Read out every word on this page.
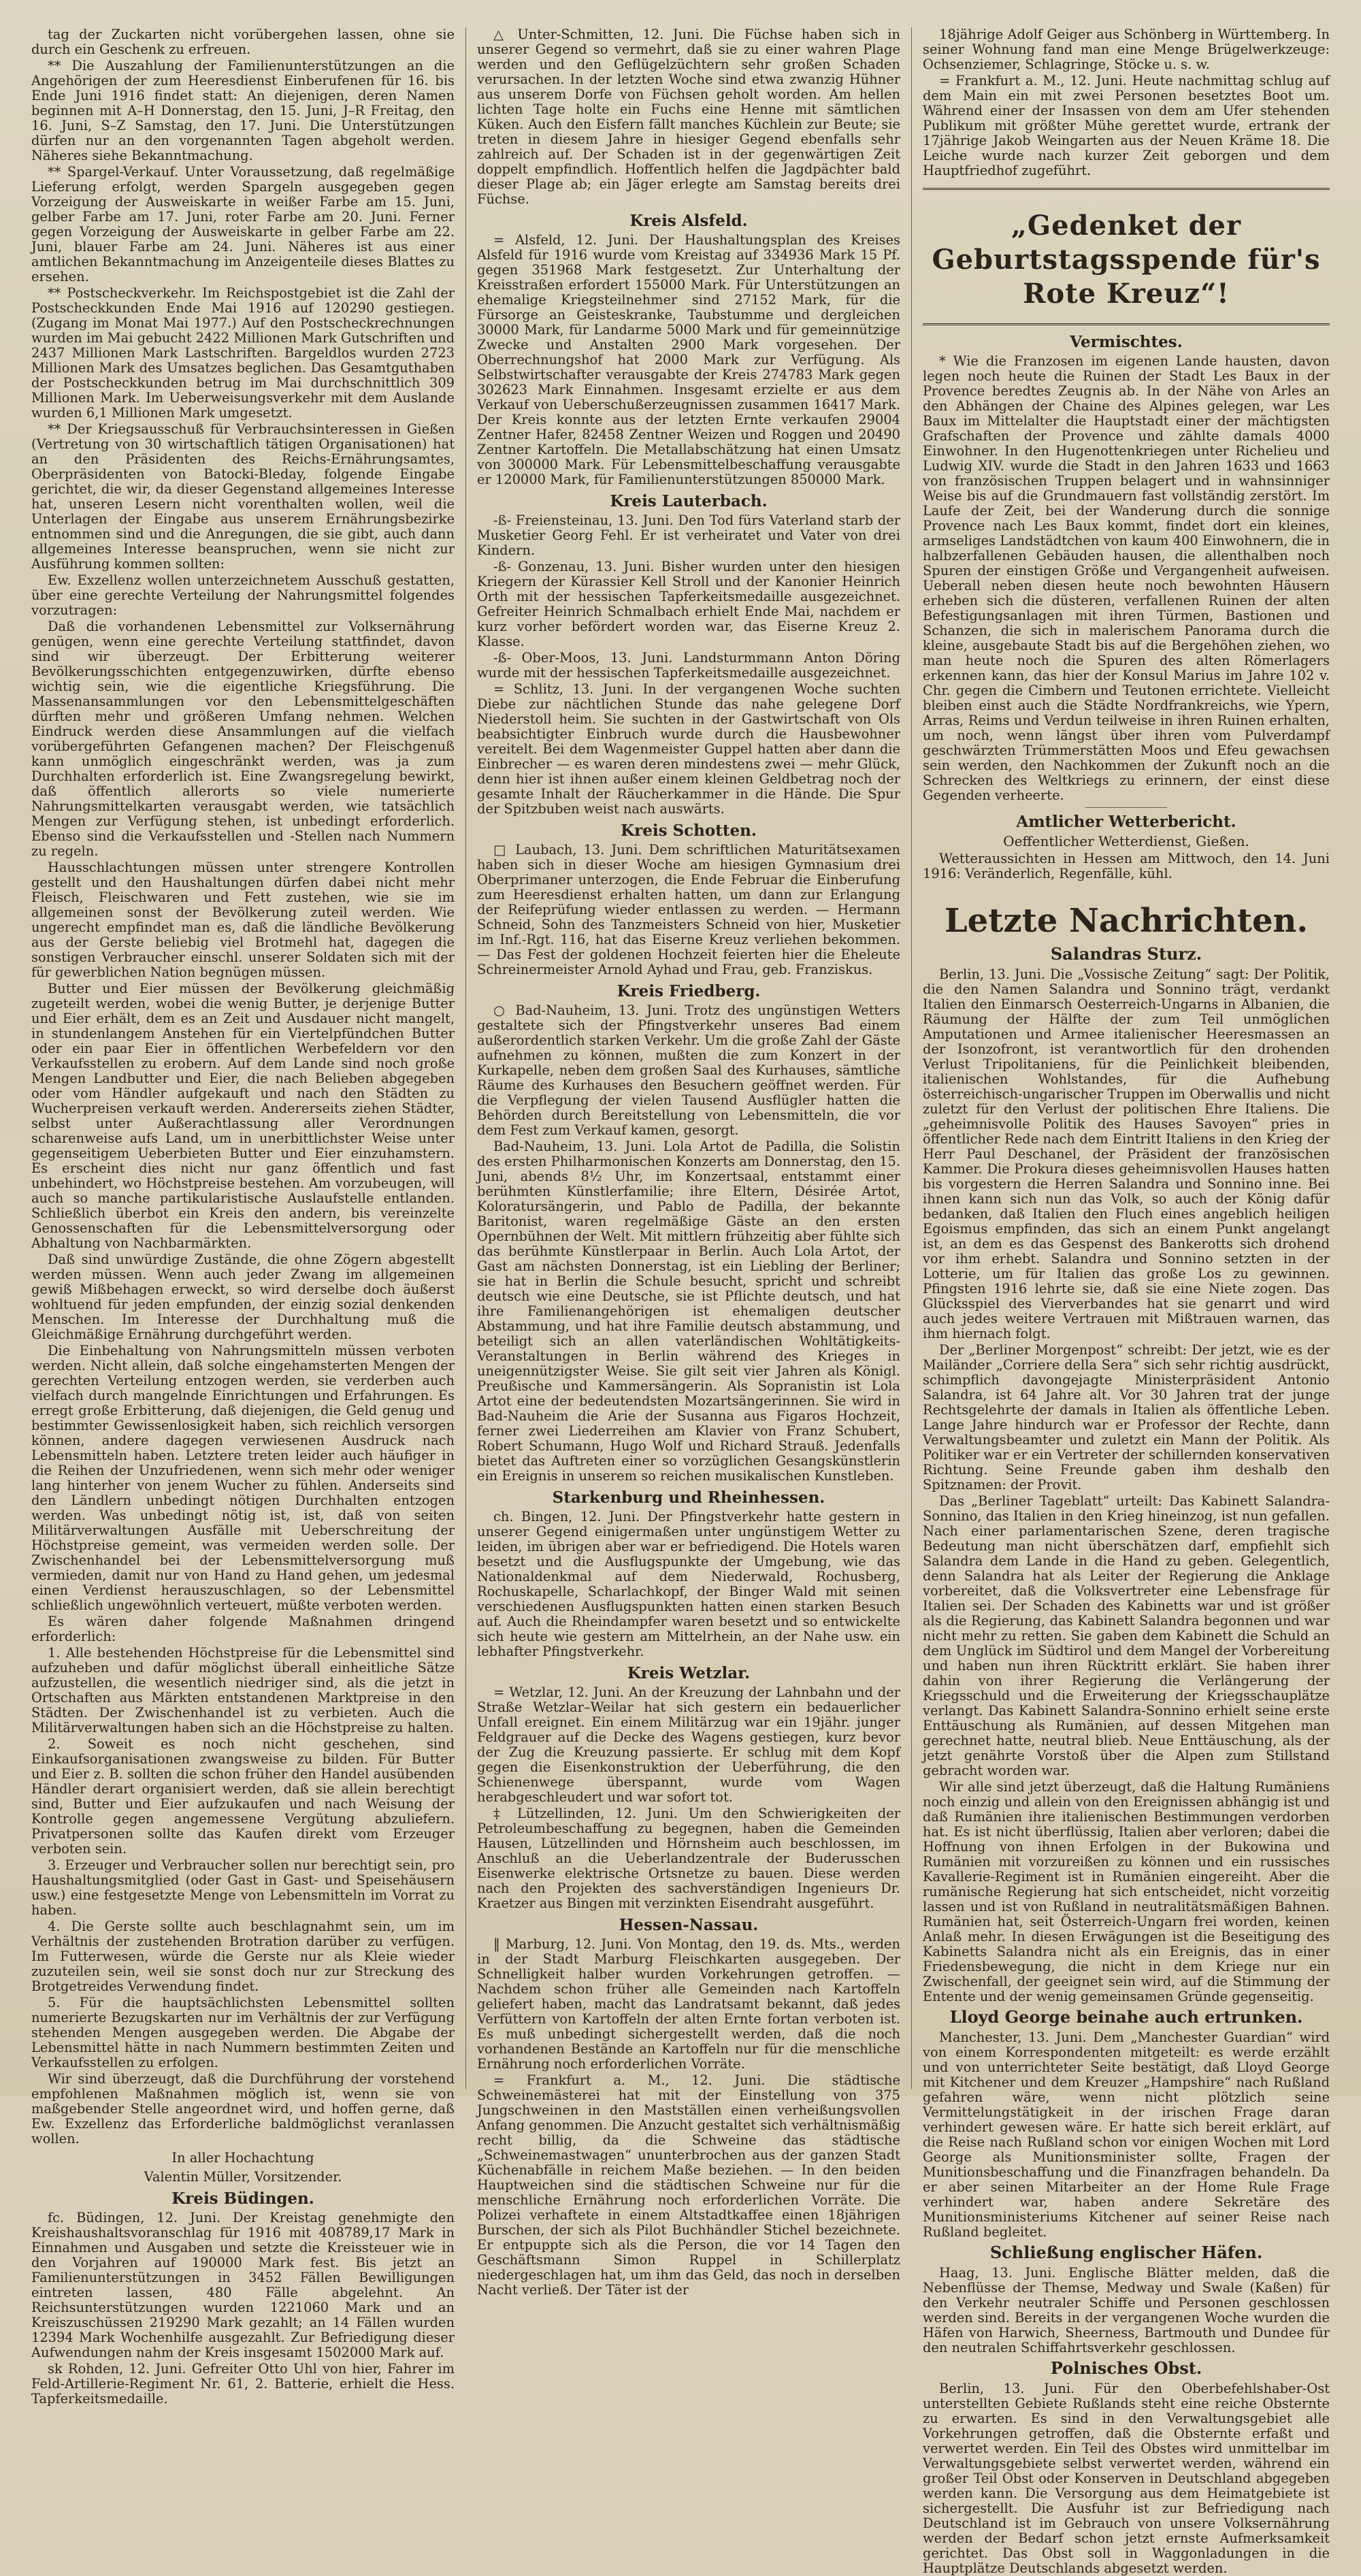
tag der Zuckarten nicht vorübergehen lassen, ohne sie durch ein Geschenk zu erfreuen.

** Die Auszahlung der Familienunterstützungen an die Angehörigen der zum Heeresdienst Einberufenen für 16. bis Ende Juni 1916 findet statt: An diejenigen, deren Namen beginnen mit A–H Donnerstag, den 15. Juni, J–R Freitag, den 16. Juni, S–Z Samstag, den 17. Juni. Die Unterstützungen dürfen nur an den vorgenannten Tagen abgeholt werden. Näheres siehe Bekanntmachung.

** Spargel-Verkauf. Unter Voraussetzung, daß regelmäßige Lieferung erfolgt, werden Spargeln ausgegeben gegen Vorzeigung der Ausweiskarte in weißer Farbe am 15. Juni, gelber Farbe am 17. Juni, roter Farbe am 20. Juni. Ferner gegen Vorzeigung der Ausweiskarte in gelber Farbe am 22. Juni, blauer Farbe am 24. Juni. Näheres ist aus einer amtlichen Bekanntmachung im Anzeigenteile dieses Blattes zu ersehen.

** Postscheckverkehr. Im Reichspostgebiet ist die Zahl der Postscheckkunden Ende Mai 1916 auf 120290 gestiegen. (Zugang im Monat Mai 1977.) Auf den Postscheckrechnungen wurden im Mai gebucht 2422 Millionen Mark Gutschriften und 2437 Millionen Mark Lastschriften. Bargeldlos wurden 2723 Millionen Mark des Umsatzes beglichen. Das Gesamtguthaben der Postscheckkunden betrug im Mai durchschnittlich 309 Millionen Mark. Im Ueberweisungsverkehr mit dem Auslande wurden 6,1 Millionen Mark umgesetzt.

** Der Kriegsausschuß für Verbrauchsinteressen in Gießen (Vertretung von 30 wirtschaftlich tätigen Organisationen) hat an den Präsidenten des Reichs-Ernährungsamtes, Oberpräsidenten von Batocki-Bleday, folgende Eingabe gerichtet, die wir, da dieser Gegenstand allgemeines Interesse hat, unseren Lesern nicht vorenthalten wollen, weil die Unterlagen der Eingabe aus unserem Ernährungsbezirke entnommen sind und die Anregungen, die sie gibt, auch dann allgemeines Interesse beanspruchen, wenn sie nicht zur Ausführung kommen sollten:

Ew. Exzellenz wollen unterzeichnetem Ausschuß gestatten, über eine gerechte Verteilung der Nahrungsmittel folgendes vorzutragen:

Daß die vorhandenen Lebensmittel zur Volksernährung genügen, wenn eine gerechte Verteilung stattfindet, davon sind wir überzeugt. Der Erbitterung weiterer Bevölkerungsschichten entgegenzuwirken, dürfte ebenso wichtig sein, wie die eigentliche Kriegsführung. Die Massenansammlungen vor den Lebensmittelgeschäften dürften mehr und größeren Umfang nehmen. Welchen Eindruck werden diese Ansammlungen auf die vielfach vorübergeführten Gefangenen machen? Der Fleischgenuß kann unmöglich eingeschränkt werden, was ja zum Durchhalten erforderlich ist. Eine Zwangsregelung bewirkt, daß öffentlich allerorts so viele numerierte Nahrungsmittelkarten verausgabt werden, wie tatsächlich Mengen zur Verfügung stehen, ist unbedingt erforderlich. Ebenso sind die Verkaufsstellen und -Stellen nach Nummern zu regeln.

Hausschlachtungen müssen unter strengere Kontrollen gestellt und den Haushaltungen dürfen dabei nicht mehr Fleisch, Fleischwaren und Fett zustehen, wie sie im allgemeinen sonst der Bevölkerung zuteil werden. Wie ungerecht empfindet man es, daß die ländliche Bevölkerung aus der Gerste beliebig viel Brotmehl hat, dagegen die sonstigen Verbraucher einschl. unserer Soldaten sich mit der für gewerblichen Nation begnügen müssen.

Butter und Eier müssen der Bevölkerung gleichmäßig zugeteilt werden, wobei die wenig Butter, je derjenige Butter und Eier erhält, dem es an Zeit und Ausdauer nicht mangelt, in stundenlangem Anstehen für ein Viertelpfündchen Butter oder ein paar Eier in öffentlichen Werbefeldern vor den Verkaufsstellen zu erobern. Auf dem Lande sind noch große Mengen Landbutter und Eier, die nach Belieben abgegeben oder vom Händler aufgekauft und nach den Städten zu Wucherpreisen verkauft werden. Andererseits ziehen Städter, selbst unter Außerachtlassung aller Verordnungen scharenweise aufs Land, um in unerbittlichster Weise unter gegenseitigem Ueberbieten Butter und Eier einzuhamstern. Es erscheint dies nicht nur ganz öffentlich und fast unbehindert, wo Höchstpreise bestehen. Am vorzubeugen, will auch so manche partikularistische Auslaufstelle entlanden. Schließlich überbot ein Kreis den andern, bis vereinzelte Genossenschaften für die Lebensmittelversorgung oder Abhaltung von Nachbarmärkten.

Daß sind unwürdige Zustände, die ohne Zögern abgestellt werden müssen. Wenn auch jeder Zwang im allgemeinen gewiß Mißbehagen erweckt, so wird derselbe doch äußerst wohltuend für jeden empfunden, der einzig sozial denkenden Menschen. Im Interesse der Durchhaltung muß die Gleichmäßige Ernährung durchgeführt werden.

Die Einbehaltung von Nahrungsmitteln müssen verboten werden. Nicht allein, daß solche eingehamsterten Mengen der gerechten Verteilung entzogen werden, sie verderben auch vielfach durch mangelnde Einrichtungen und Erfahrungen. Es erregt große Erbitterung, daß diejenigen, die Geld genug und bestimmter Gewissenlosigkeit haben, sich reichlich versorgen können, andere dagegen verwiesenen Ausdruck nach Lebensmitteln haben. Letztere treten leider auch häufiger in die Reihen der Unzufriedenen, wenn sich mehr oder weniger lang hinterher von jenem Wucher zu fühlen. Anderseits sind den Ländlern unbedingt nötigen Durchhalten entzogen werden. Was unbedingt nötig ist, ist, daß von seiten Militärverwaltungen Ausfälle mit Ueberschreitung der Höchstpreise gemeint, was vermeiden werden solle. Der Zwischenhandel bei der Lebensmittelversorgung muß vermieden, damit nur von Hand zu Hand gehen, um jedesmal einen Verdienst herauszuschlagen, so der Lebensmittel schließlich ungewöhnlich verteuert, müßte verboten werden.

Es wären daher folgende Maßnahmen dringend erforderlich:

1. Alle bestehenden Höchstpreise für die Lebensmittel sind aufzuheben und dafür möglichst überall einheitliche Sätze aufzustellen, die wesentlich niedriger sind, als die jetzt in Ortschaften aus Märkten entstandenen Marktpreise in den Städten. Der Zwischenhandel ist zu verbieten. Auch die Militärverwaltungen haben sich an die Höchstpreise zu halten.

2. Soweit es noch nicht geschehen, sind Einkaufsorganisationen zwangsweise zu bilden. Für Butter und Eier z. B. sollten die schon früher den Handel ausübenden Händler derart organisiert werden, daß sie allein berechtigt sind, Butter und Eier aufzukaufen und nach Weisung der Kontrolle gegen angemessene Vergütung abzuliefern. Privatpersonen sollte das Kaufen direkt vom Erzeuger verboten sein.

3. Erzeuger und Verbraucher sollen nur berechtigt sein, pro Haushaltungsmitglied (oder Gast in Gast- und Speisehäusern usw.) eine festgesetzte Menge von Lebensmitteln im Vorrat zu haben.

4. Die Gerste sollte auch beschlagnahmt sein, um im Verhältnis der zustehenden Brotration darüber zu verfügen. Im Futterwesen, würde die Gerste nur als Kleie wieder zuzuteilen sein, weil sie sonst doch nur zur Streckung des Brotgetreides Verwendung findet.

5. Für die hauptsächlichsten Lebensmittel sollten numerierte Bezugskarten nur im Verhältnis der zur Verfügung stehenden Mengen ausgegeben werden. Die Abgabe der Lebensmittel hätte in nach Nummern bestimmten Zeiten und Verkaufsstellen zu erfolgen.

Wir sind überzeugt, daß die Durchführung der vorstehend empfohlenen Maßnahmen möglich ist, wenn sie von maßgebender Stelle angeordnet wird, und hoffen gerne, daß Ew. Exzellenz das Erforderliche baldmöglichst veranlassen wollen.

In aller Hochachtung
Valentin Müller, Vorsitzender.
Kreis Büdingen.

fc. Büdingen, 12. Juni. Der Kreistag genehmigte den Kreishaushaltsvoranschlag für 1916 mit 408789,17 Mark in Einnahmen und Ausgaben und setzte die Kreissteuer wie in den Vorjahren auf 190000 Mark fest. Bis jetzt an Familienunterstützungen in 3452 Fällen Bewilligungen eintreten lassen, 480 Fälle abgelehnt. An Reichsunterstützungen wurden 1221060 Mark und an Kreiszuschüssen 219290 Mark gezahlt; an 14 Fällen wurden 12394 Mark Wochenhilfe ausgezahlt. Zur Befriedigung dieser Aufwendungen nahm der Kreis insgesamt 1502000 Mark auf.

sk Rohden, 12. Juni. Gefreiter Otto Uhl von hier, Fahrer im Feld-Artillerie-Regiment Nr. 61, 2. Batterie, erhielt die Hess. Tapferkeitsmedaille.

△ Unter-Schmitten, 12. Juni. Die Füchse haben sich in unserer Gegend so vermehrt, daß sie zu einer wahren Plage werden und den Geflügelzüchtern sehr großen Schaden verursachen. In der letzten Woche sind etwa zwanzig Hühner aus unserem Dorfe von Füchsen geholt worden. Am hellen lichten Tage holte ein Fuchs eine Henne mit sämtlichen Küken. Auch den Eisfern fällt manches Küchlein zur Beute; sie treten in diesem Jahre in hiesiger Gegend ebenfalls sehr zahlreich auf. Der Schaden ist in der gegenwärtigen Zeit doppelt empfindlich. Hoffentlich helfen die Jagdpächter bald dieser Plage ab; ein Jäger erlegte am Samstag bereits drei Füchse.

Kreis Alsfeld.

= Alsfeld, 12. Juni. Der Haushaltungsplan des Kreises Alsfeld für 1916 wurde vom Kreistag auf 334936 Mark 15 Pf. gegen 351968 Mark festgesetzt. Zur Unterhaltung der Kreisstraßen erfordert 155000 Mark. Für Unterstützungen an ehemalige Kriegsteilnehmer sind 27152 Mark, für die Fürsorge an Geisteskranke, Taubstumme und dergleichen 30000 Mark, für Landarme 5000 Mark und für gemeinnützige Zwecke und Anstalten 2900 Mark vorgesehen. Der Oberrechnungshof hat 2000 Mark zur Verfügung. Als Selbstwirtschafter verausgabte der Kreis 274783 Mark gegen 302623 Mark Einnahmen. Insgesamt erzielte er aus dem Verkauf von Ueberschußerzeugnissen zusammen 16417 Mark. Der Kreis konnte aus der letzten Ernte verkaufen 29004 Zentner Hafer, 82458 Zentner Weizen und Roggen und 20490 Zentner Kartoffeln. Die Metallabschätzung hat einen Umsatz von 300000 Mark. Für Lebensmittelbeschaffung verausgabte er 120000 Mark, für Familienunterstützungen 850000 Mark.

Kreis Lauterbach.

-ß- Freiensteinau, 13. Juni. Den Tod fürs Vaterland starb der Musketier Georg Fehl. Er ist verheiratet und Vater von drei Kindern.

-ß- Gonzenau, 13. Juni. Bisher wurden unter den hiesigen Kriegern der Kürassier Kell Stroll und der Kanonier Heinrich Orth mit der hessischen Tapferkeitsmedaille ausgezeichnet. Gefreiter Heinrich Schmalbach erhielt Ende Mai, nachdem er kurz vorher befördert worden war, das Eiserne Kreuz 2. Klasse.

-ß- Ober-Moos, 13. Juni. Landsturmmann Anton Döring wurde mit der hessischen Tapferkeitsmedaille ausgezeichnet.

= Schlitz, 13. Juni. In der vergangenen Woche suchten Diebe zur nächtlichen Stunde das nahe gelegene Dorf Niederstoll heim. Sie suchten in der Gastwirtschaft von Ols beabsichtigter Einbruch wurde durch die Hausbewohner vereitelt. Bei dem Wagenmeister Guppel hatten aber dann die Einbrecher — es waren deren mindestens zwei — mehr Glück, denn hier ist ihnen außer einem kleinen Geldbetrag noch der gesamte Inhalt der Räucherkammer in die Hände. Die Spur der Spitzbuben weist nach auswärts.

Kreis Schotten.

□ Laubach, 13. Juni. Dem schriftlichen Maturitätsexamen haben sich in dieser Woche am hiesigen Gymnasium drei Oberprimaner unterzogen, die Ende Februar die Einberufung zum Heeresdienst erhalten hatten, um dann zur Erlangung der Reifeprüfung wieder entlassen zu werden. — Hermann Schneid, Sohn des Tanzmeisters Schneid von hier, Musketier im Inf.-Rgt. 116, hat das Eiserne Kreuz verliehen bekommen. — Das Fest der goldenen Hochzeit feierten hier die Eheleute Schreinermeister Arnold Ayhad und Frau, geb. Franziskus.

Kreis Friedberg.

○ Bad-Nauheim, 13. Juni. Trotz des ungünstigen Wetters gestaltete sich der Pfingstverkehr unseres Bad einem außerordentlich starken Verkehr. Um die große Zahl der Gäste aufnehmen zu können, mußten die zum Konzert in der Kurkapelle, neben dem großen Saal des Kurhauses, sämtliche Räume des Kurhauses den Besuchern geöffnet werden. Für die Verpflegung der vielen Tausend Ausflügler hatten die Behörden durch Bereitstellung von Lebensmitteln, die vor dem Fest zum Verkauf kamen, gesorgt.

Bad-Nauheim, 13. Juni. Lola Artot de Padilla, die Solistin des ersten Philharmonischen Konzerts am Donnerstag, den 15. Juni, abends 8½ Uhr, im Konzertsaal, entstammt einer berühmten Künstlerfamilie; ihre Eltern, Désirée Artot, Koloratursängerin, und Pablo de Padilla, der bekannte Baritonist, waren regelmäßige Gäste an den ersten Opernbühnen der Welt. Mit mittlern frühzeitig aber fühlte sich das berühmte Künstlerpaar in Berlin. Auch Lola Artot, der Gast am nächsten Donnerstag, ist ein Liebling der Berliner; sie hat in Berlin die Schule besucht, spricht und schreibt deutsch wie eine Deutsche, sie ist Pflichte deutsch, und hat ihre Familienangehörigen ist ehemaligen deutscher Abstammung, und hat ihre Familie deutsch abstammung, und beteiligt sich an allen vaterländischen Wohltätigkeits-Veranstaltungen in Berlin während des Krieges in uneigennützigster Weise. Sie gilt seit vier Jahren als Königl. Preußische und Kammersängerin. Als Sopranistin ist Lola Artot eine der bedeutendsten Mozartsängerinnen. Sie wird in Bad-Nauheim die Arie der Susanna aus Figaros Hochzeit, ferner zwei Liederreihen am Klavier von Franz Schubert, Robert Schumann, Hugo Wolf und Richard Strauß. Jedenfalls bietet das Auftreten einer so vorzüglichen Gesangskünstlerin ein Ereignis in unserem so reichen musikalischen Kunstleben.

Starkenburg und Rheinhessen.

ch. Bingen, 12. Juni. Der Pfingstverkehr hatte gestern in unserer Gegend einigermaßen unter ungünstigem Wetter zu leiden, im übrigen aber war er befriedigend. Die Hotels waren besetzt und die Ausflugspunkte der Umgebung, wie das Nationaldenkmal auf dem Niederwald, Rochusberg, Rochuskapelle, Scharlachkopf, der Binger Wald mit seinen verschiedenen Ausflugspunkten hatten einen starken Besuch auf. Auch die Rheindampfer waren besetzt und so entwickelte sich heute wie gestern am Mittelrhein, an der Nahe usw. ein lebhafter Pfingstverkehr.

Kreis Wetzlar.

= Wetzlar, 12. Juni. An der Kreuzung der Lahnbahn und der Straße Wetzlar–Weilar hat sich gestern ein bedauerlicher Unfall ereignet. Ein einem Militärzug war ein 19jähr. junger Feldgrauer auf die Decke des Wagens gestiegen, kurz bevor der Zug die Kreuzung passierte. Er schlug mit dem Kopf gegen die Eisenkonstruktion der Ueberführung, die den Schienenwege überspannt, wurde vom Wagen herabgeschleudert und war sofort tot.

‡ Lützellinden, 12. Juni. Um den Schwierigkeiten der Petroleumbeschaffung zu begegnen, haben die Gemeinden Hausen, Lützellinden und Hörnsheim auch beschlossen, im Anschluß an die Ueberlandzentrale der Buderusschen Eisenwerke elektrische Ortsnetze zu bauen. Diese werden nach den Projekten des sachverständigen Ingenieurs Dr. Kraetzer aus Bingen mit verzinkten Eisendraht ausgeführt.

Hessen-Nassau.

‖ Marburg, 12. Juni. Von Montag, den 19. ds. Mts., werden in der Stadt Marburg Fleischkarten ausgegeben. Der Schnelligkeit halber wurden Vorkehrungen getroffen. — Nachdem schon früher alle Gemeinden nach Kartoffeln geliefert haben, macht das Landratsamt bekannt, daß jedes Verfüttern von Kartoffeln der alten Ernte fortan verboten ist. Es muß unbedingt sichergestellt werden, daß die noch vorhandenen Bestände an Kartoffeln nur für die menschliche Ernährung noch erforderlichen Vorräte.

= Frankfurt a. M., 12. Juni. Die städtische Schweinemästerei hat mit der Einstellung von 375 Jungschweinen in den Mastställen einen verheißungsvollen Anfang genommen. Die Anzucht gestaltet sich verhältnismäßig recht billig, da die Schweine das städtische „Schweinemastwagen“ ununterbrochen aus der ganzen Stadt Küchenabfälle in reichem Maße beziehen. — In den beiden Hauptweichen sind die städtischen Schweine nur für die menschliche Ernährung noch erforderlichen Vorräte. Die Polizei verhaftete in einem Altstadtkaffee einen 18jährigen Burschen, der sich als Pilot Buchhändler Stichel bezeichnete. Er entpuppte sich als die Person, die vor 14 Tagen den Geschäftsmann Simon Ruppel in Schillerplatz niedergeschlagen hat, um ihm das Geld, das noch in derselben Nacht verließ. Der Täter ist der

18jährige Adolf Geiger aus Schönberg in Württemberg. In seiner Wohnung fand man eine Menge Brügelwerkzeuge: Ochsenziemer, Schlagringe, Stöcke u. s. w.

= Frankfurt a. M., 12. Juni. Heute nachmittag schlug auf dem Main ein mit zwei Personen besetztes Boot um. Während einer der Insassen von dem am Ufer stehenden Publikum mit größter Mühe gerettet wurde, ertrank der 17jährige Jakob Weingarten aus der Neuen Kräme 18. Die Leiche wurde nach kurzer Zeit geborgen und dem Hauptfriedhof zugeführt.

„Gedenket der Geburtstagsspende für's Rote Kreuz“!
Vermischtes.

* Wie die Franzosen im eigenen Lande hausten, davon legen noch heute die Ruinen der Stadt Les Baux in der Provence beredtes Zeugnis ab. In der Nähe von Arles an den Abhängen der Chaine des Alpines gelegen, war Les Baux im Mittelalter die Hauptstadt einer der mächtigsten Grafschaften der Provence und zählte damals 4000 Einwohner. In den Hugenottenkriegen unter Richelieu und Ludwig XIV. wurde die Stadt in den Jahren 1633 und 1663 von französischen Truppen belagert und in wahnsinniger Weise bis auf die Grundmauern fast vollständig zerstört. Im Laufe der Zeit, bei der Wanderung durch die sonnige Provence nach Les Baux kommt, findet dort ein kleines, armseliges Landstädtchen von kaum 400 Einwohnern, die in halbzerfallenen Gebäuden hausen, die allenthalben noch Spuren der einstigen Größe und Vergangenheit aufweisen. Ueberall neben diesen heute noch bewohnten Häusern erheben sich die düsteren, verfallenen Ruinen der alten Befestigungsanlagen mit ihren Türmen, Bastionen und Schanzen, die sich in malerischem Panorama durch die kleine, ausgebaute Stadt bis auf die Bergehöhen ziehen, wo man heute noch die Spuren des alten Römerlagers erkennen kann, das hier der Konsul Marius im Jahre 102 v. Chr. gegen die Cimbern und Teutonen errichtete. Vielleicht bleiben einst auch die Städte Nordfrankreichs, wie Ypern, Arras, Reims und Verdun teilweise in ihren Ruinen erhalten, um noch, wenn längst über ihren vom Pulverdampf geschwärzten Trümmerstätten Moos und Efeu gewachsen sein werden, den Nachkommen der Zukunft noch an die Schrecken des Weltkriegs zu erinnern, der einst diese Gegenden verheerte.

Amtlicher Wetterbericht.
Oeffentlicher Wetterdienst, Gießen.

Wetteraussichten in Hessen am Mittwoch, den 14. Juni 1916: Veränderlich, Regenfälle, kühl.

Letzte Nachrichten.
Salandras Sturz.

Berlin, 13. Juni. Die „Vossische Zeitung“ sagt: Der Politik, die den Namen Salandra und Sonnino trägt, verdankt Italien den Einmarsch Oesterreich-Ungarns in Albanien, die Räumung der Hälfte der zum Teil unmöglichen Amputationen und Armee italienischer Heeresmassen an der Isonzofront, ist verantwortlich für den drohenden Verlust Tripolitaniens, für die Peinlichkeit bleibenden, italienischen Wohlstandes, für die Aufhebung österreichisch-ungarischer Truppen im Oberwallis und nicht zuletzt für den Verlust der politischen Ehre Italiens. Die „geheimnisvolle Politik des Hauses Savoyen“ pries in öffentlicher Rede nach dem Eintritt Italiens in den Krieg der Herr Paul Deschanel, der Präsident der französischen Kammer. Die Prokura dieses geheimnisvollen Hauses hatten bis vorgestern die Herren Salandra und Sonnino inne. Bei ihnen kann sich nun das Volk, so auch der König dafür bedanken, daß Italien den Fluch eines angeblich heiligen Egoismus empfinden, das sich an einem Punkt angelangt ist, an dem es das Gespenst des Bankerotts sich drohend vor ihm erhebt. Salandra und Sonnino setzten in der Lotterie, um für Italien das große Los zu gewinnen. Pfingsten 1916 lehrte sie, daß sie eine Niete zogen. Das Glücksspiel des Vierverbandes hat sie genarrt und wird auch jedes weitere Vertrauen mit Mißtrauen warnen, das ihm hiernach folgt.

Der „Berliner Morgenpost“ schreibt: Der jetzt, wie es der Mailänder „Corriere della Sera“ sich sehr richtig ausdrückt, schimpflich davongejagte Ministerpräsident Antonio Salandra, ist 64 Jahre alt. Vor 30 Jahren trat der junge Rechtsgelehrte der damals in Italien als öffentliche Leben. Lange Jahre hindurch war er Professor der Rechte, dann Verwaltungsbeamter und zuletzt ein Mann der Politik. Als Politiker war er ein Vertreter der schillernden konservativen Richtung. Seine Freunde gaben ihm deshalb den Spitznamen: der Provit.

Das „Berliner Tageblatt“ urteilt: Das Kabinett Salandra-Sonnino, das Italien in den Krieg hineinzog, ist nun gefallen. Nach einer parlamentarischen Szene, deren tragische Bedeutung man nicht überschätzen darf, empfiehlt sich Salandra dem Lande in die Hand zu geben. Gelegentlich, denn Salandra hat als Leiter der Regierung die Anklage vorbereitet, daß die Volksvertreter eine Lebensfrage für Italien sei. Der Schaden des Kabinetts war und ist größer als die Regierung, das Kabinett Salandra begonnen und war nicht mehr zu retten. Sie gaben dem Kabinett die Schuld an dem Unglück im Südtirol und dem Mangel der Vorbereitung und haben nun ihren Rücktritt erklärt. Sie haben ihrer dahin von ihrer Regierung die Verlängerung der Kriegsschuld und die Erweiterung der Kriegsschauplätze verlangt. Das Kabinett Salandra-Sonnino erhielt seine erste Enttäuschung als Rumänien, auf dessen Mitgehen man gerechnet hatte, neutral blieb. Neue Enttäuschung, als der jetzt genährte Vorstoß über die Alpen zum Stillstand gebracht worden war.

Wir alle sind jetzt überzeugt, daß die Haltung Rumäniens noch einzig und allein von den Ereignissen abhängig ist und daß Rumänien ihre italienischen Bestimmungen verdorben hat. Es ist nicht überflüssig, Italien aber verloren; dabei die Hoffnung von ihnen Erfolgen in der Bukowina und Rumänien mit vorzureißen zu können und ein russisches Kavallerie-Regiment ist in Rumänien eingereiht. Aber die rumänische Regierung hat sich entscheidet, nicht vorzeitig lassen und ist von Rußland in neutralitätsmäßigen Bahnen. Rumänien hat, seit Österreich-Ungarn frei worden, keinen Anlaß mehr. In diesen Erwägungen ist die Beseitigung des Kabinetts Salandra nicht als ein Ereignis, das in einer Friedensbewegung, die nicht in dem Kriege nur ein Zwischenfall, der geeignet sein wird, auf die Stimmung der Entente und der wenig gemeinsamen Gründe gegenseitig.

Lloyd George beinahe auch ertrunken.

Manchester, 13. Juni. Dem „Manchester Guardian“ wird von einem Korrespondenten mitgeteilt: es werde erzählt und von unterrichteter Seite bestätigt, daß Lloyd George mit Kitchener und dem Kreuzer „Hampshire“ nach Rußland gefahren wäre, wenn nicht plötzlich seine Vermittelungstätigkeit in der irischen Frage daran verhindert gewesen wäre. Er hatte sich bereit erklärt, auf die Reise nach Rußland schon vor einigen Wochen mit Lord George als Munitionsminister sollte, Fragen der Munitionsbeschaffung und die Finanzfragen behandeln. Da er aber seinen Mitarbeiter an der Home Rule Frage verhindert war, haben andere Sekretäre des Munitionsministeriums Kitchener auf seiner Reise nach Rußland begleitet.

Schließung englischer Häfen.

Haag, 13. Juni. Englische Blätter melden, daß die Nebenflüsse der Themse, Medway und Swale (Kaßen) für den Verkehr neutraler Schiffe und Personen geschlossen werden sind. Bereits in der vergangenen Woche wurden die Häfen von Harwich, Sheerness, Bartmouth und Dundee für den neutralen Schiffahrtsverkehr geschlossen.

Polnisches Obst.

Berlin, 13. Juni. Für den Oberbefehlshaber-Ost unterstellten Gebiete Rußlands steht eine reiche Obsternte zu erwarten. Es sind in den Verwaltungsgebiet alle Vorkehrungen getroffen, daß die Obsternte erfaßt und verwertet werden. Ein Teil des Obstes wird unmittelbar im Verwaltungsgebiete selbst verwertet werden, während ein großer Teil Obst oder Konserven in Deutschland abgegeben werden kann. Die Versorgung aus dem Heimatgebiete ist sichergestellt. Die Ausfuhr ist zur Befriedigung nach Deutschland ist im Gebrauch von unsere Volksernährung werden der Bedarf schon jetzt ernste Aufmerksamkeit gerichtet. Das Obst soll in Waggonladungen in die Hauptplätze Deutschlands abgesetzt werden.
